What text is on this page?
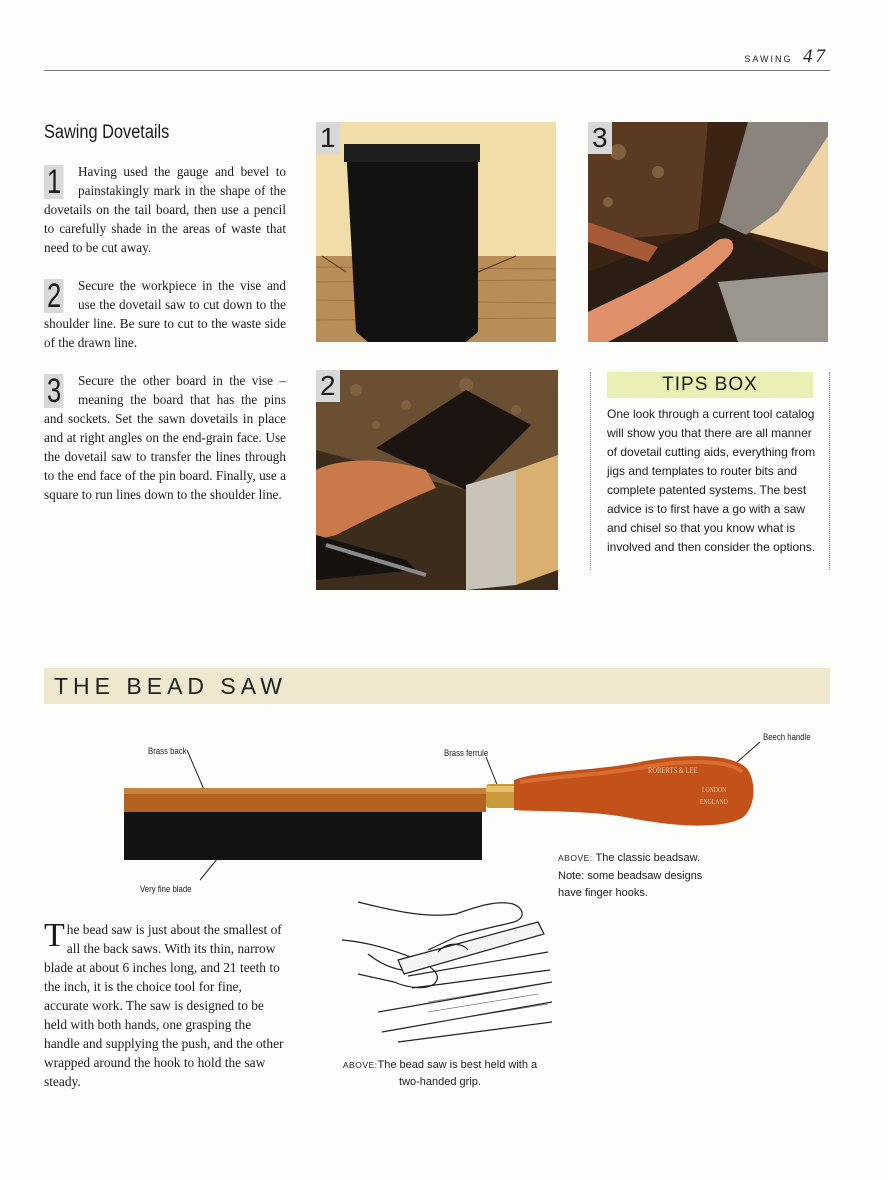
SAWING 47
Sawing Dovetails
1 Having used the gauge and bevel to painstakingly mark in the shape of the dovetails on the tail board, then use a pencil to carefully shade in the areas of waste that need to be cut away.
2 Secure the workpiece in the vise and use the dovetail saw to cut down to the shoulder line. Be sure to cut to the waste side of the drawn line.
3 Secure the other board in the vise – meaning the board that has the pins and sockets. Set the sawn dovetails in place and at right angles on the end-grain face. Use the dovetail saw to transfer the lines through to the end face of the pin board. Finally, use a square to run lines down to the shoulder line.
1
2
3
TIPS BOX
One look through a current tool catalog will show you that there are all manner of dovetail cutting aids, everything from jigs and templates to router bits and complete patented systems. The best advice is to first have a go with a saw and chisel so that you know what is involved and then consider the options.
THE BEAD SAW
Brass back	Brass ferrule
Beech handle
Very fine blade
ROBERTS & LEE
LONDON
ENGLAND
ABOVE: The classic beadsaw. Note: some beadsaw designs have finger hooks.
ABOVE:The bead saw is best held with a two-handed grip.
The bead saw is just about the smallest of all the back saws. With its thin, narrow blade at about 6 inches long, and 21 teeth to the inch, it is the choice tool for fine, accurate work. The saw is designed to be held with both hands, one grasping the handle and supplying the push, and the other wrapped around the hook to hold the saw steady.
